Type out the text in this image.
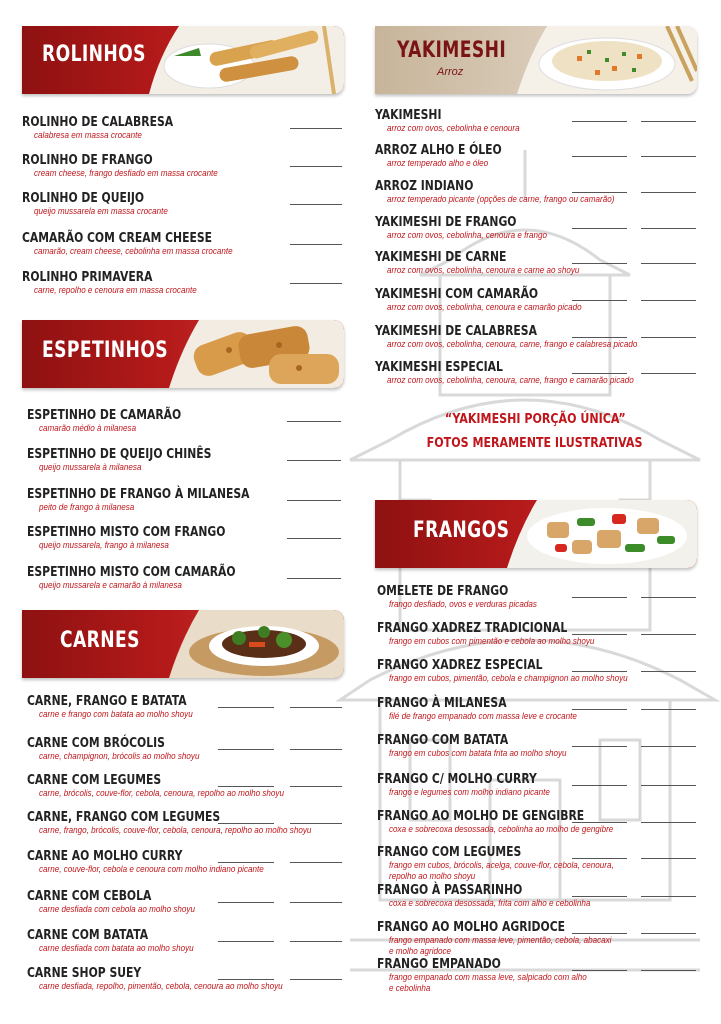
ROLINHOS
ESPETINHOS
CARNES
YAKIMESHI
Arroz
FRANGOS
ROLINHO DE CALABRESA
calabresa em massa crocante
ROLINHO DE FRANGO
cream cheese, frango desfiado em massa crocante
ROLINHO DE QUEIJO
queijo mussarela em massa crocante
CAMARÃO COM CREAM CHEESE
camarão, cream cheese, cebolinha em massa crocante
ROLINHO PRIMAVERA
carne, repolho e cenoura em massa crocante
ESPETINHO DE CAMARÃO
camarão médio à milanesa
ESPETINHO DE QUEIJO CHINÊS
queijo mussarela à milanesa
ESPETINHO DE FRANGO À MILANESA
peito de frango à milanesa
ESPETINHO MISTO COM FRANGO
queijo mussarela, frango à milanesa
ESPETINHO MISTO COM CAMARÃO
queijo mussarela e camarão à milanesa
CARNE, FRANGO E BATATA
carne e frango com batata ao molho shoyu
CARNE COM BRÓCOLIS
carne, champignon, brócolis ao molho shoyu
CARNE COM LEGUMES
carne, brócolis, couve-flor, cebola, cenoura, repolho ao molho shoyu
CARNE, FRANGO COM LEGUMES
carne, frango, brócolis, couve-flor, cebola, cenoura, repolho ao molho shoyu
CARNE AO MOLHO CURRY
carne, couve-flor, cebola e cenoura com molho indiano picante
CARNE COM CEBOLA
carne desfiada com cebola ao molho shoyu
CARNE COM BATATA
carne desfiada com batata ao molho shoyu
CARNE SHOP SUEY
carne desfiada, repolho, pimentão, cebola, cenoura ao molho shoyu
YAKIMESHI
arroz com ovos, cebolinha e cenoura
ARROZ ALHO E ÓLEO
arroz temperado alho e óleo
ARROZ INDIANO
arroz temperado picante (opções de carne, frango ou camarão)
YAKIMESHI DE FRANGO
arroz com ovos, cebolinha, cenoura e frango
YAKIMESHI DE CARNE
arroz com ovos, cebolinha, cenoura e carne ao shoyu
YAKIMESHI COM CAMARÃO
arroz com ovos, cebolinha, cenoura e camarão picado
YAKIMESHI DE CALABRESA
arroz com ovos, cebolinha, cenoura, carne, frango e calabresa picado
YAKIMESHI ESPECIAL
arroz com ovos, cebolinha, cenoura, carne, frango e camarão picado
OMELETE DE FRANGO
frango desfiado, ovos e verduras picadas
FRANGO XADREZ TRADICIONAL
frango em cubos com pimentão e cebola ao molho shoyu
FRANGO XADREZ ESPECIAL
frango em cubos, pimentão, cebola e champignon ao molho shoyu
FRANGO À MILANESA
filé de frango empanado com massa leve e crocante
FRANGO COM BATATA
frango em cubos com batata frita ao molho shoyu
FRANGO C/ MOLHO CURRY
frango e legumes com molho indiano picante
FRANGO AO MOLHO DE GENGIBRE
coxa e sobrecoxa desossada, cebolinha ao molho de gengibre
FRANGO COM LEGUMES
frango em cubos, brócolis, acelga, couve-flor, cebola, cenoura,
repolho ao molho shoyu
FRANGO À PASSARINHO
coxa e sobrecoxa desossada, frita com alho e cebolinha
FRANGO AO MOLHO AGRIDOCE
frango empanado com massa leve, pimentão, cebola, abacaxi
e molho agridoce
FRANGO EMPANADO
frango empanado com massa leve, salpicado com alho
e cebolinha
“YAKIMESHI PORÇÃO ÚNICA”
FOTOS MERAMENTE ILUSTRATIVAS
